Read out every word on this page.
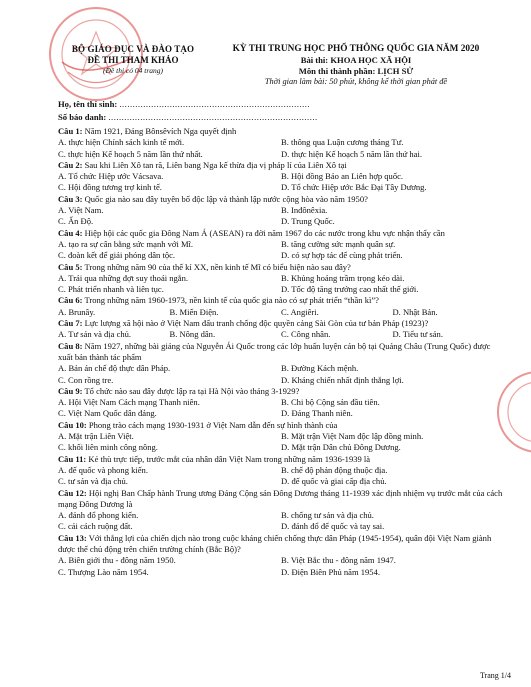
BỘ GIÁO DỤC VÀ ĐÀO TẠO
ĐỀ THI THAM KHẢO
(Đề thi có 04 trang)
KỲ THI TRUNG HỌC PHỔ THÔNG QUỐC GIA NĂM 2020
Bài thi: KHOA HỌC XÃ HỘI
Môn thi thành phần: LỊCH SỬ
Thời gian làm bài: 50 phút, không kể thời gian phát đề
Họ, tên thí sinh: ........................................................................
Số báo danh: ...............................................................................
Câu 1: Năm 1921, Đảng Bônsêvích Nga quyết định
A. thực hiện Chính sách kinh tế mới.	B. thông qua Luận cương tháng Tư.
C. thực hiện Kế hoạch 5 năm lần thứ nhất.	D. thực hiện Kế hoạch 5 năm lần thứ hai.
Câu 2: Sau khi Liên Xô tan rã, Liên bang Nga kế thừa địa vị pháp lí của Liên Xô tại
A. Tổ chức Hiệp ước Vácsava.	B. Hội đồng Bảo an Liên hợp quốc.
C. Hội đồng tương trợ kinh tế.	D. Tổ chức Hiệp ước Bắc Đại Tây Dương.
Câu 3: Quốc gia nào sau đây tuyên bố độc lập và thành lập nước cộng hòa vào năm 1950?
A. Việt Nam.	B. Inđônêxia.
C. Ấn Độ.	D. Trung Quốc.
Câu 4: Hiệp hội các quốc gia Đông Nam Á (ASEAN) ra đời năm 1967 do các nước trong khu vực nhận thấy cần
A. tạo ra sự cân bằng sức mạnh với Mĩ.	B. tăng cường sức mạnh quân sự.
C. đoàn kết để giải phóng dân tộc.	D. có sự hợp tác để cùng phát triển.
Câu 5: Trong những năm 90 của thế kỉ XX, nền kinh tế Mĩ có biểu hiện nào sau đây?
A. Trải qua những đợt suy thoái ngắn.	B. Khủng hoảng trầm trọng kéo dài.
C. Phát triển nhanh và liên tục.	D. Tốc độ tăng trưởng cao nhất thế giới.
Câu 6: Trong những năm 1960-1973, nền kinh tế của quốc gia nào có sự phát triển “thần kì”?
A. Brunây.	B. Miến Điện.	C. Angiêri.	D. Nhật Bản.
Câu 7: Lực lượng xã hội nào ở Việt Nam đấu tranh chống độc quyền cảng Sài Gòn của tư bản Pháp (1923)?
A. Tư sản và địa chủ.	B. Nông dân.	C. Công nhân.	D. Tiểu tư sản.
Câu 8: Năm 1927, những bài giảng của Nguyễn Ái Quốc trong các lớp huấn luyện cán bộ tại Quảng Châu (Trung Quốc) được xuất bản thành tác phẩm
A. Bản án chế độ thực dân Pháp.	B. Đường Kách mệnh.
C. Con rồng tre.	D. Kháng chiến nhất định thắng lợi.
Câu 9: Tổ chức nào sau đây được lập ra tại Hà Nội vào tháng 3-1929?
A. Hội Việt Nam Cách mạng Thanh niên.	B. Chi bộ Cộng sản đầu tiên.
C. Việt Nam Quốc dân đảng.	D. Đảng Thanh niên.
Câu 10: Phong trào cách mạng 1930-1931 ở Việt Nam dẫn đến sự hình thành của
A. Mặt trận Liên Việt.	B. Mặt trận Việt Nam độc lập đồng minh.
C. khối liên minh công nông.	D. Mặt trận Dân chủ Đông Dương.
Câu 11: Kẻ thù trực tiếp, trước mắt của nhân dân Việt Nam trong những năm 1936-1939 là
A. đế quốc và phong kiến.	B. chế độ phản động thuộc địa.
C. tư sản và địa chủ.	D. đế quốc và giai cấp địa chủ.
Câu 12: Hội nghị Ban Chấp hành Trung ương Đảng Cộng sản Đông Dương tháng 11-1939 xác định nhiệm vụ trước mắt của cách mạng Đông Dương là
A. đánh đổ phong kiến.	B. chống tư sản và địa chủ.
C. cải cách ruộng đất.	D. đánh đổ đế quốc và tay sai.
Câu 13: Với thắng lợi của chiến dịch nào trong cuộc kháng chiến chống thực dân Pháp (1945-1954), quân đội Việt Nam giành được thế chủ động trên chiến trường chính (Bắc Bộ)?
A. Biên giới thu - đông năm 1950.	B. Việt Bắc thu - đông năm 1947.
C. Thượng Lào năm 1954.	D. Điện Biên Phủ năm 1954.
Trang 1/4
